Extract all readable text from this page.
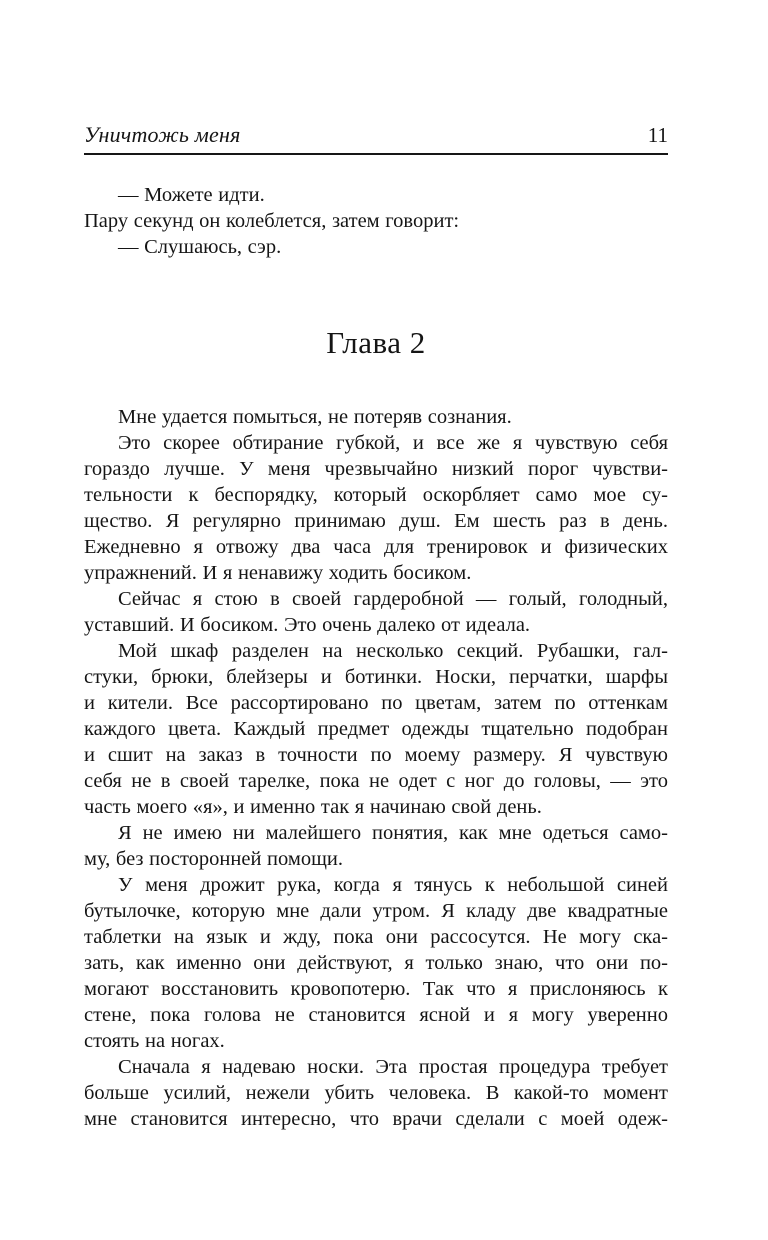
Уничтожь меня	11
— Можете идти.
Пару секунд он колеблется, затем говорит:
— Слушаюсь, сэр.
Глава 2
Мне удается помыться, не потеряв сознания.
Это скорее обтирание губкой, и все же я чувствую себя
гораздо лучше. У меня чрезвычайно низкий порог чувстви-
тельности к беспорядку, который оскорбляет само мое су-
щество. Я регулярно принимаю душ. Ем шесть раз в день.
Ежедневно я отвожу два часа для тренировок и физических
упражнений. И я ненавижу ходить босиком.
Сейчас я стою в своей гардеробной — голый, голодный,
уставший. И босиком. Это очень далеко от идеала.
Мой шкаф разделен на несколько секций. Рубашки, гал-
стуки, брюки, блейзеры и ботинки. Носки, перчатки, шарфы
и кители. Все рассортировано по цветам, затем по оттенкам
каждого цвета. Каждый предмет одежды тщательно подобран
и сшит на заказ в точности по моему размеру. Я чувствую
себя не в своей тарелке, пока не одет с ног до головы, — это
часть моего «я», и именно так я начинаю свой день.
Я не имею ни малейшего понятия, как мне одеться само-
му, без посторонней помощи.
У меня дрожит рука, когда я тянусь к небольшой синей
бутылочке, которую мне дали утром. Я кладу две квадратные
таблетки на язык и жду, пока они рассосутся. Не могу ска-
зать, как именно они действуют, я только знаю, что они по-
могают восстановить кровопотерю. Так что я прислоняюсь к
стене, пока голова не становится ясной и я могу уверенно
стоять на ногах.
Сначала я надеваю носки. Эта простая процедура требует
больше усилий, нежели убить человека. В какой-то момент
мне становится интересно, что врачи сделали с моей одеж-
